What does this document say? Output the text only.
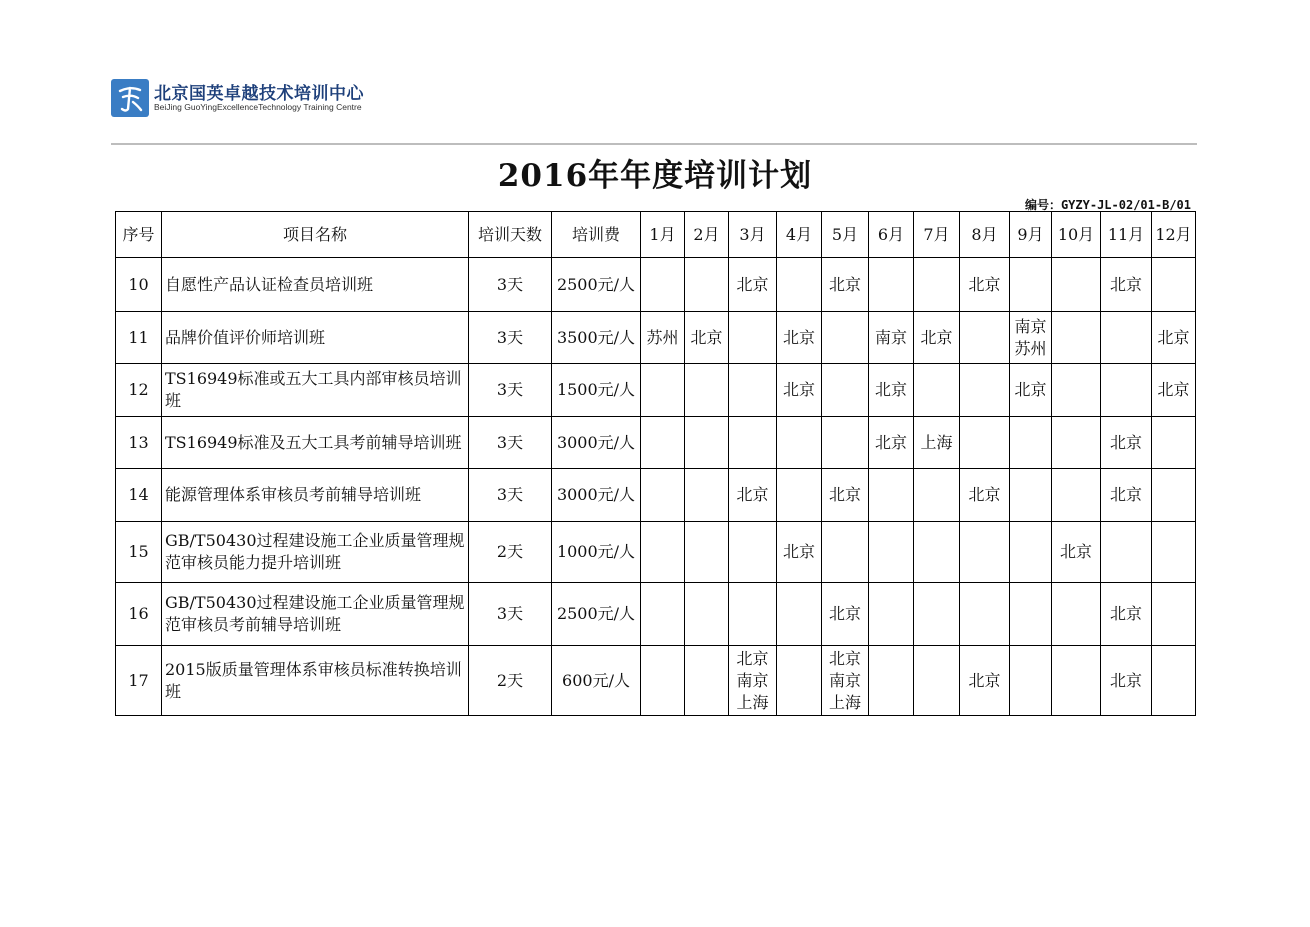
北京国英卓越技术培训中心
BeiJing GuoYingExcellenceTechnology Training Centre
2016年年度培训计划
编号：GYZY-JL-02/01-B/01
序号	项目名称	培训天数	培训费	1月	2月	3月	4月	5月	6月	7月	8月	9月	10月	11月	12月
10	自愿性产品认证检查员培训班	3天	2500元/人			北京		北京			北京			北京	

11	品牌价值评价师培训班	3天	3500元/人	苏州	北京		北京		南京	北京		南京
苏州			北京

12	TS16949标准或五大工具内部审核员培训班	3天	1500元/人				北京		北京			北京			北京

13	TS16949标准及五大工具考前辅导培训班	3天	3000元/人						北京	上海				北京	

14	能源管理体系审核员考前辅导培训班	3天	3000元/人			北京		北京			北京			北京	

15	GB/T50430过程建设施工企业质量管理规范审核员能力提升培训班	2天	1000元/人				北京						北京		

16	GB/T50430过程建设施工企业质量管理规范审核员考前辅导培训班	3天	2500元/人					北京						北京	

17	2015版质量管理体系审核员标准转换培训班	2天	600元/人			北京
南京
上海		北京
南京
上海			北京			北京	
